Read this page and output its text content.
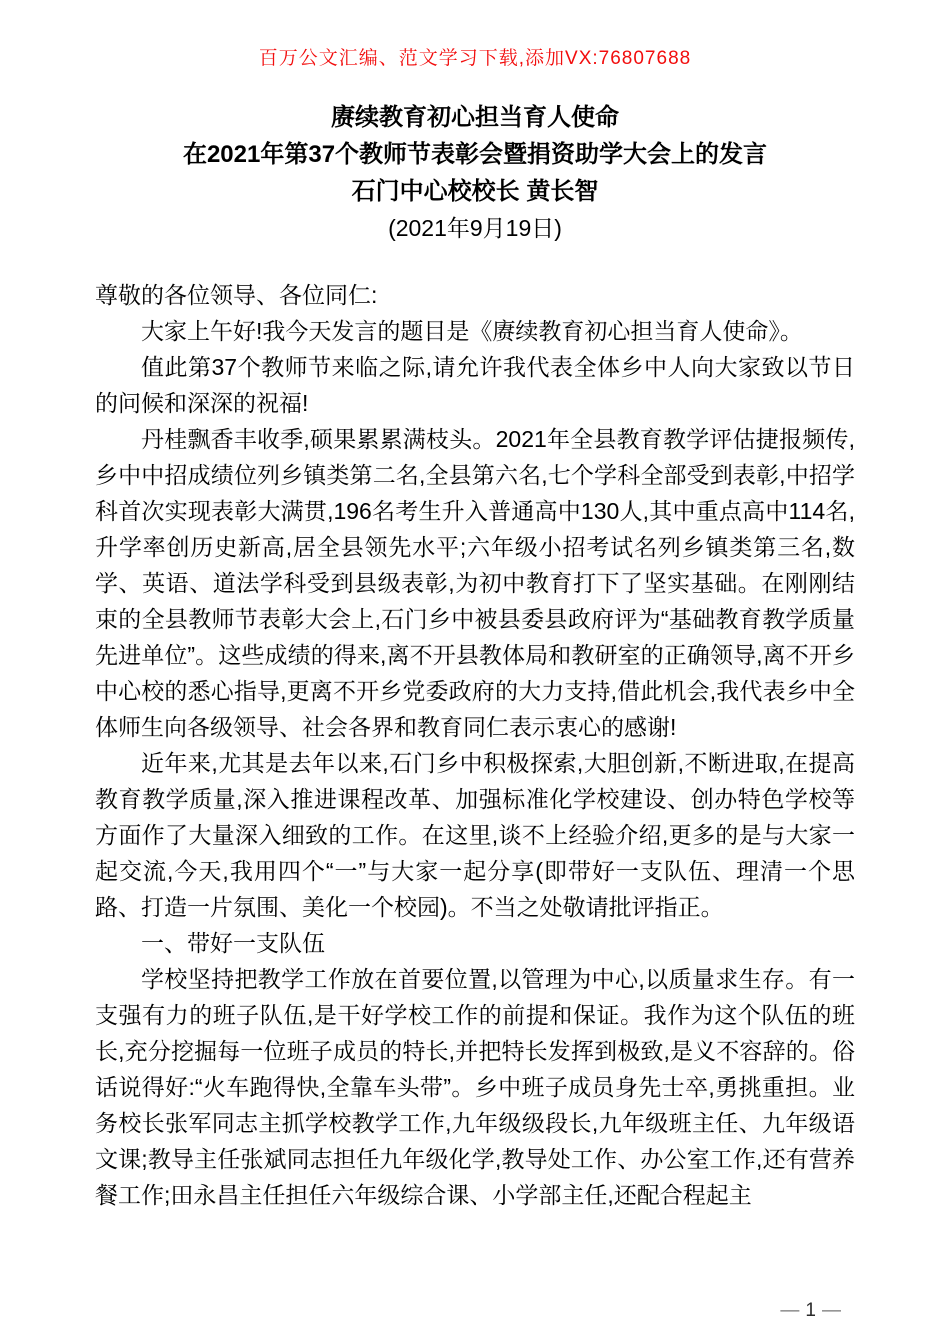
百万公文汇编、范文学习下载,添加VX:76807688
赓续教育初心担当育人使命
在2021年第37个教师节表彰会暨捐资助学大会上的发言
石门中心校校长 黄长智
(2021年9月19日)

尊敬的各位领导、各位同仁:

大家上午好!我今天发言的题目是《赓续教育初心担当育人使命》。

值此第37个教师节来临之际,请允许我代表全体乡中人向大家致以节日的问候和深深的祝福!

丹桂飘香丰收季,硕果累累满枝头。2021年全县教育教学评估捷报频传,乡中中招成绩位列乡镇类第二名,全县第六名,七个学科全部受到表彰,中招学科首次实现表彰大满贯,196名考生升入普通高中130人,其中重点高中114名,升学率创历史新高,居全县领先水平;六年级小招考试名列乡镇类第三名,数学、英语、道法学科受到县级表彰,为初中教育打下了坚实基础。在刚刚结束的全县教师节表彰大会上,石门乡中被县委县政府评为“基础教育教学质量先进单位”。这些成绩的得来,离不开县教体局和教研室的正确领导,离不开乡中心校的悉心指导,更离不开乡党委政府的大力支持,借此机会,我代表乡中全体师生向各级领导、社会各界和教育同仁表示衷心的感谢!

近年来,尤其是去年以来,石门乡中积极探索,大胆创新,不断进取,在提高教育教学质量,深入推进课程改革、加强标准化学校建设、创办特色学校等方面作了大量深入细致的工作。在这里,谈不上经验介绍,更多的是与大家一起交流,今天,我用四个“一”与大家一起分享(即带好一支队伍、理清一个思路、打造一片氛围、美化一个校园)。不当之处敬请批评指正。

一、带好一支队伍

学校坚持把教学工作放在首要位置,以管理为中心,以质量求生存。有一支强有力的班子队伍,是干好学校工作的前提和保证。我作为这个队伍的班长,充分挖掘每一位班子成员的特长,并把特长发挥到极致,是义不容辞的。俗话说得好:“火车跑得快,全靠车头带”。乡中班子成员身先士卒,勇挑重担。业务校长张军同志主抓学校教学工作,九年级级段长,九年级班主任、九年级语文课;教导主任张斌同志担任九年级化学,教导处工作、办公室工作,还有营养餐工作;田永昌主任担任六年级综合课、小学部主任,还配合程起主

— 1 —
